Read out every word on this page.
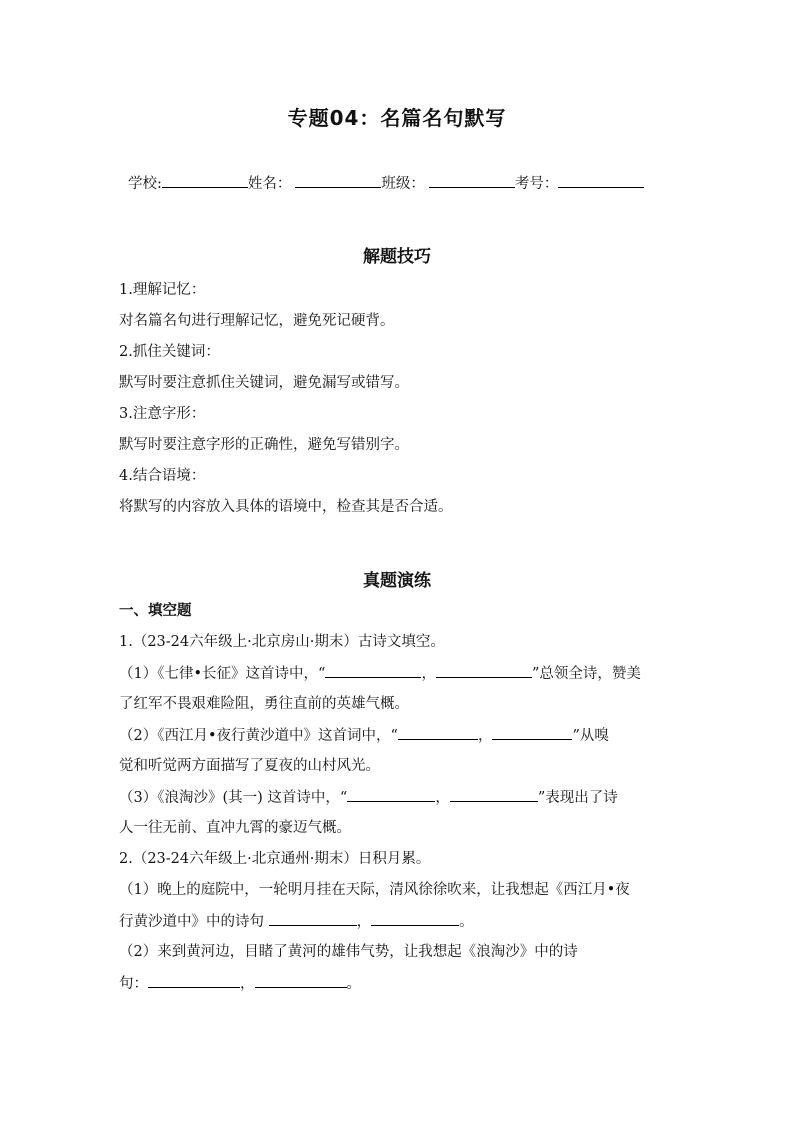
专题04：名篇名句默写
学校:	姓名：	班级：	考号：
解题技巧
1.理解记忆：
对名篇名句进行理解记忆，避免死记硬背。
2.抓住关键词：
默写时要注意抓住关键词，避免漏写或错写。
3.注意字形：
默写时要注意字形的正确性，避免写错别字。
4.结合语境：
将默写的内容放入具体的语境中，检查其是否合适。
真题演练
一、填空题
1.（23-24六年级上·北京房山·期末）古诗文填空。
（1）《七律•长征》这首诗中，“	，	”总领全诗，赞美
了红军不畏艰难险阻，勇往直前的英雄气概。
（2）《西江月•夜行黄沙道中》这首词中，“	，	”从嗅
觉和听觉两方面描写了夏夜的山村风光。
（3）《浪淘沙》(其一) 这首诗中，“	，	”表现出了诗
人一往无前、直冲九霄的豪迈气概。
2.（23-24六年级上·北京通州·期末）日积月累。
（1）晚上的庭院中，一轮明月挂在天际，清风徐徐吹来，让我想起《西江月•夜
行黄沙道中》中的诗句	，	。
（2）来到黄河边，目睹了黄河的雄伟气势，让我想起《浪淘沙》中的诗
句：	，	。
